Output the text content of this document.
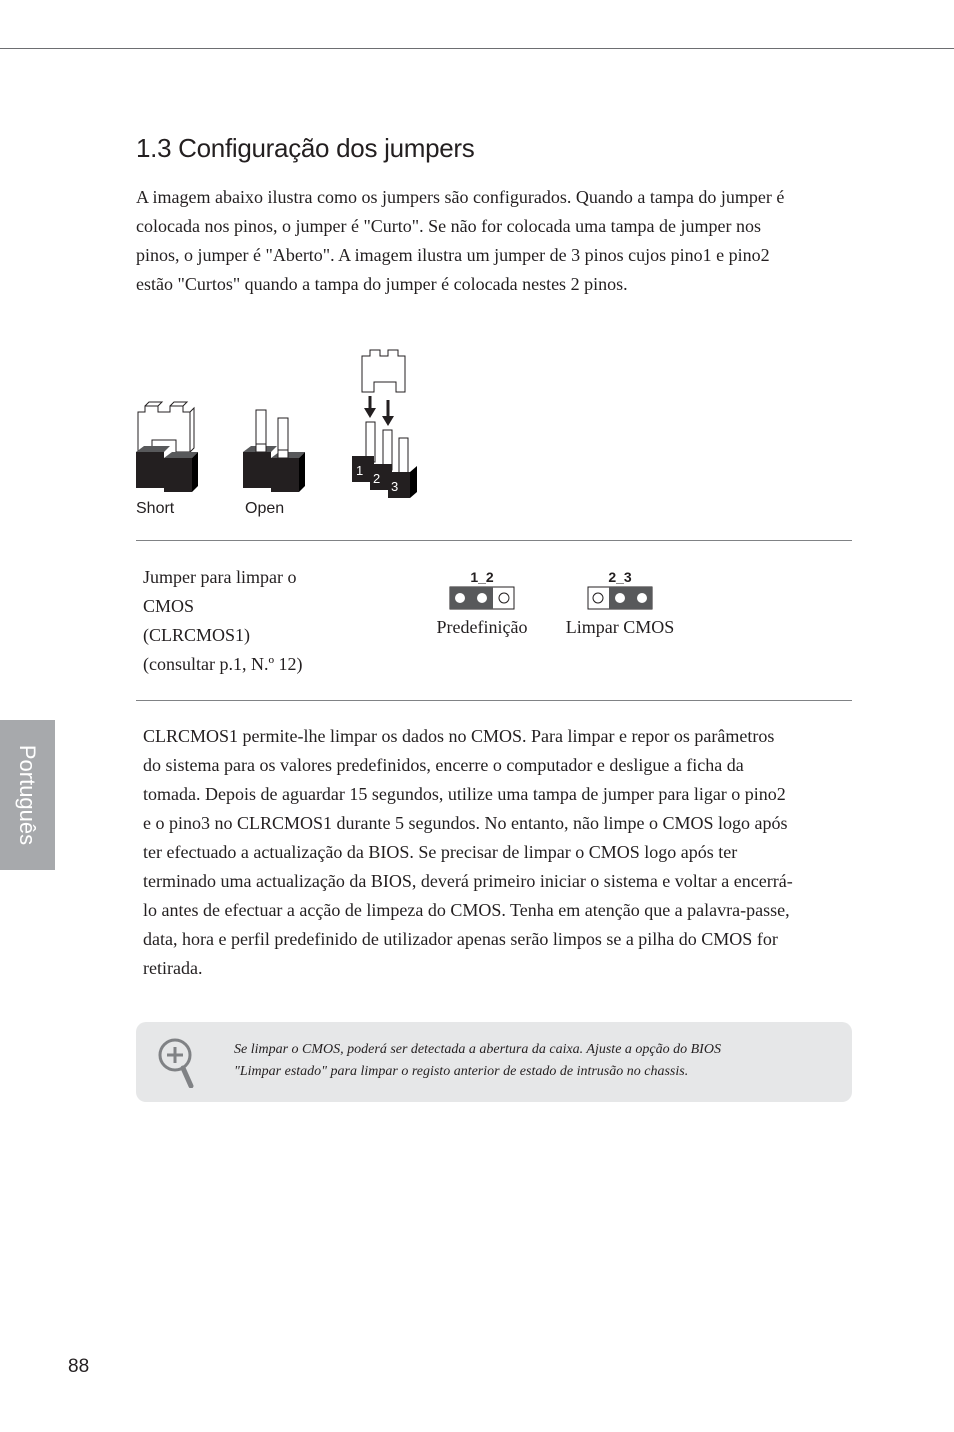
1.3 Configuração dos jumpers

A imagem abaixo ilustra como os jumpers são configurados. Quando a tampa do jumper é colocada nos pinos, o jumper é "Curto". Se não for colocada uma tampa de jumper nos pinos, o jumper é "Aberto". A imagem ilustra um jumper de 3 pinos cujos pino1 e pino2 estão "Curtos" quando a tampa do jumper é colocada nestes 2 pinos.

Short	Open
1
2
3

Jumper para limpar o
CMOS
(CLRCMOS1)
(consultar p.1, N.º 12)

1_2
Predefinição
2_3
Limpar CMOS

CLRCMOS1 permite-lhe limpar os dados no CMOS. Para limpar e repor os parâmetros do sistema para os valores predefinidos, encerre o computador e desligue a ficha da tomada. Depois de aguardar 15 segundos, utilize uma tampa de jumper para ligar o pino2 e o pino3 no CLRCMOS1 durante 5 segundos. No entanto, não limpe o CMOS logo após ter efectuado a actualização da BIOS. Se precisar de limpar o CMOS logo após ter terminado uma actualização da BIOS, deverá primeiro iniciar o sistema e voltar a encerrá-lo antes de efectuar a acção de limpeza do CMOS. Tenha em atenção que a palavra-passe, data, hora e perfil predefinido de utilizador apenas serão limpos se a pilha do CMOS for retirada.

Se limpar o CMOS, poderá ser detectada a abertura da caixa. Ajuste a opção do BIOS
"Limpar estado" para limpar o registo anterior de estado de intrusão no chassis.

Português
88
